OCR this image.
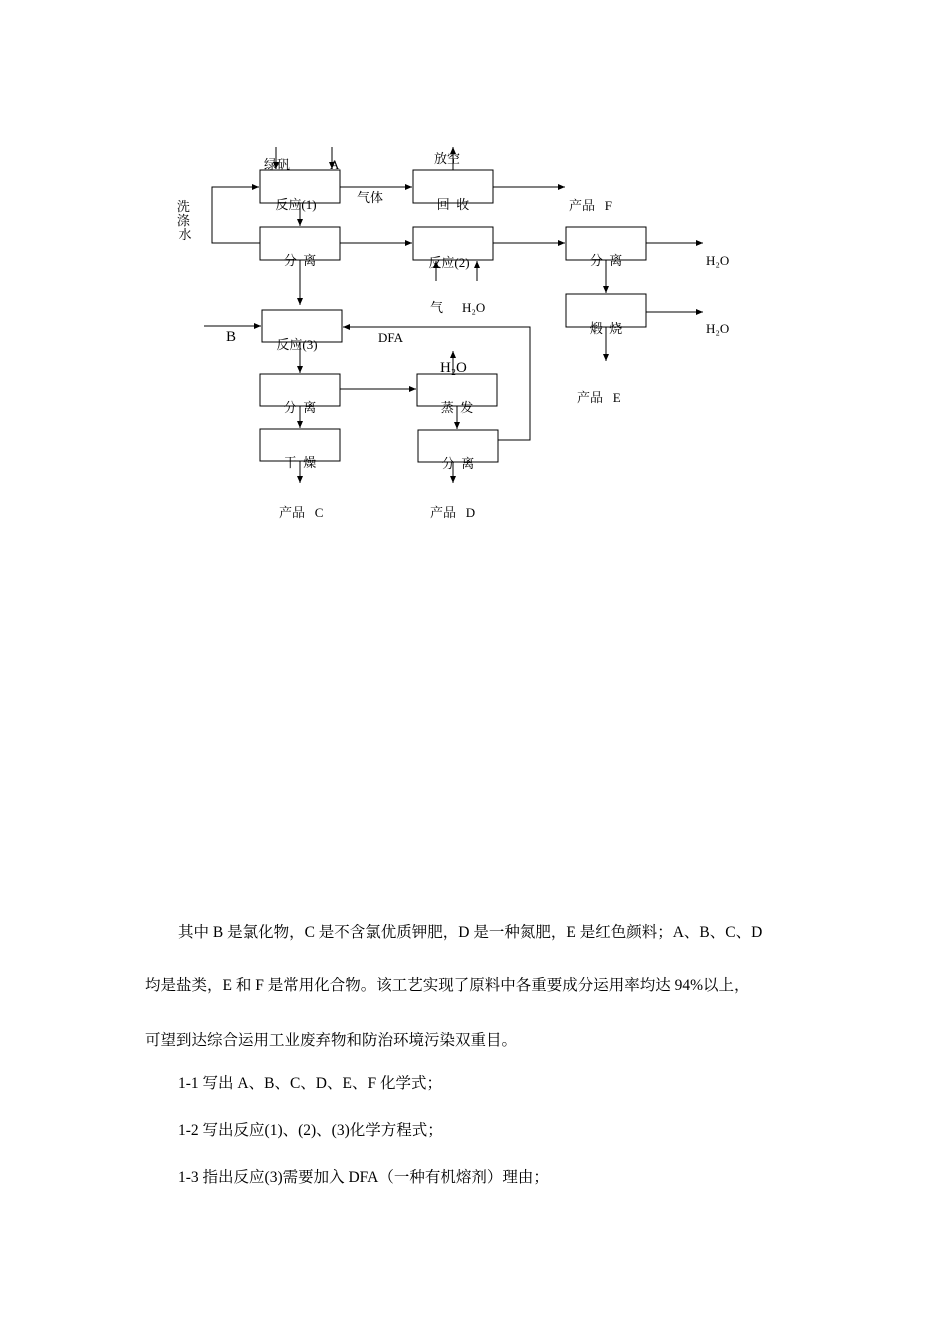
反应(1)
分  离
回  收
反应(2)	分  离
煅  烧
反应(3)
分  离
干  燥
蒸  发
分  离
绿矾	A
洗 涤 水
B
气体
放空
气 H₂O
DFA
H₂O
产品   F
H₂O
H₂O
产品   E
产品   C	产品   D
其中 B 是氯化物，C 是不含氯优质钾肥，D 是一种氮肥，E 是红色颜料；A、B、C、D
均是盐类，E 和 F 是常用化合物。该工艺实现了原料中各重要成分运用率均达 94%以上，
可望到达综合运用工业废弃物和防治环境污染双重目。
1-1 写出 A、B、C、D、E、F 化学式；
1-2 写出反应(1)、(2)、(3)化学方程式；
1-3 指出反应(3)需要加入 DFA（一种有机熔剂）理由；
